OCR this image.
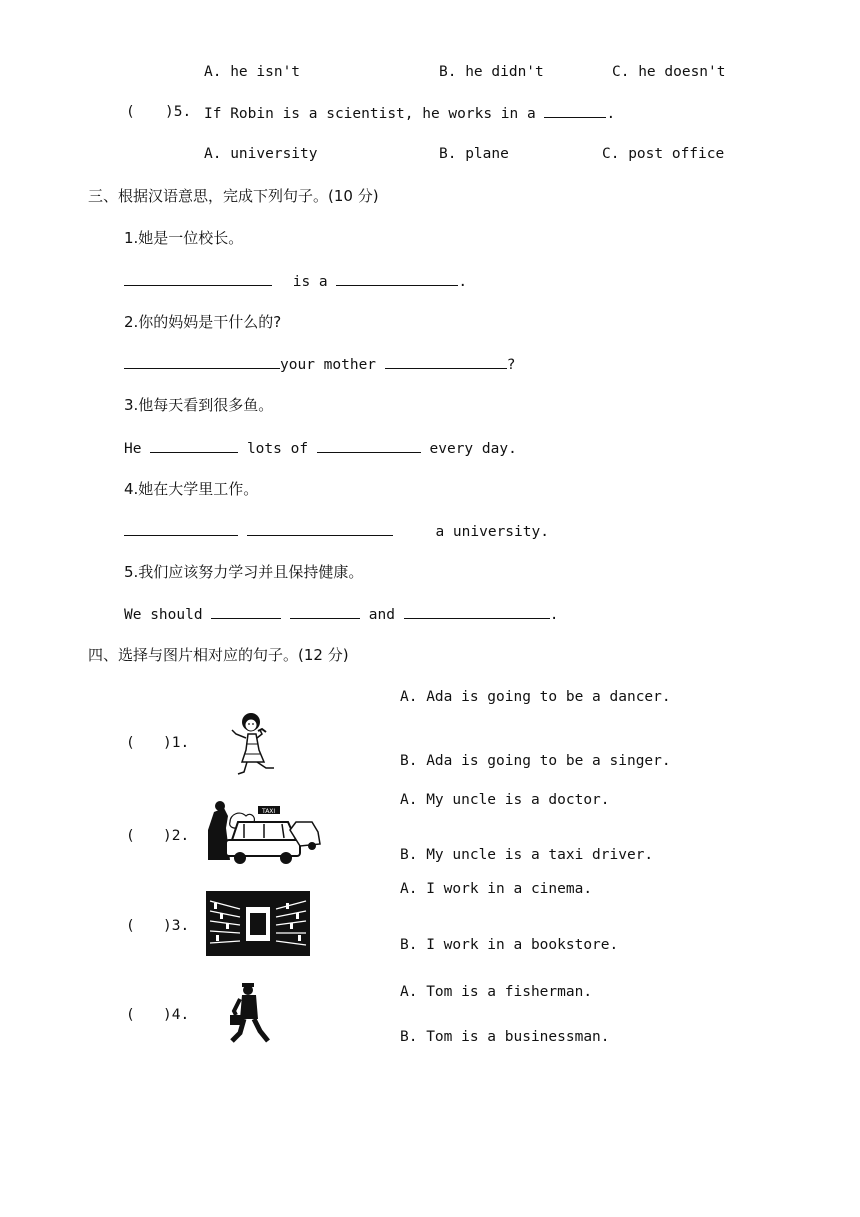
A. he isn't	B. he didn't	C. he doesn't
( )5. If Robin is a scientist, he works in a	.
A. university	B. plane	C. post office
三、根据汉语意思，完成下列句子。(10 分)
1.她是一位校长。
is a	.
2.你的妈妈是干什么的?
your mother	?
3.他每天看到很多鱼。
He	lots of	every day.
4.她在大学里工作。
a university.
5.我们应该努力学习并且保持健康。
We should	and	.
四、选择与图片相对应的句子。(12 分)
( )1.
A. Ada is going to be a dancer.
B. Ada is going to be a singer.
( )2.
TAXI
A. My uncle is a doctor.
B. My uncle is a taxi driver.
( )3.
A. I work in a cinema.
B. I work in a bookstore.
( )4.
A. Tom is a fisherman.
B. Tom is a businessman.
